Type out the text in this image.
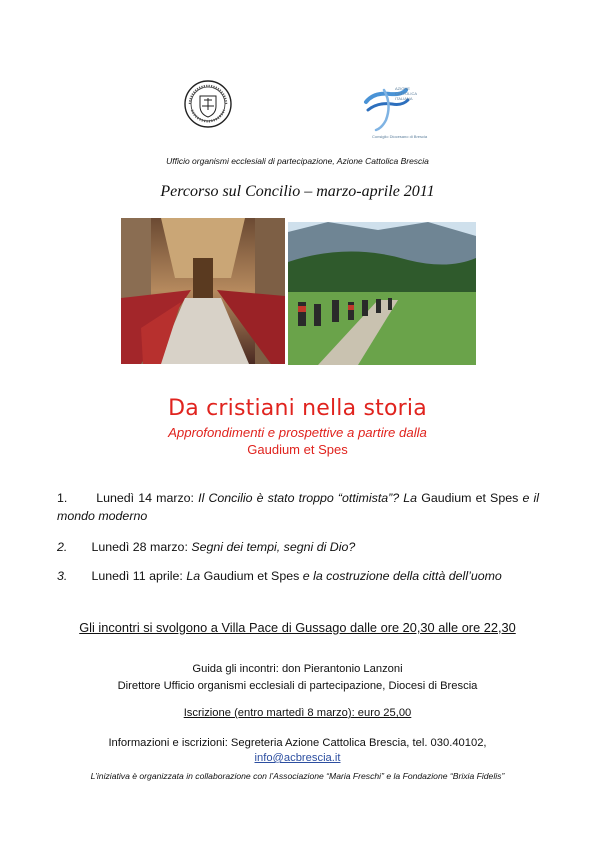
AZIONE
CATTOLICA
ITALIANA
Consiglio Diocesano di Brescia
Ufficio organismi ecclesiali di partecipazione, Azione Cattolica Brescia
Percorso sul Concilio – marzo-aprile 2011
Da cristiani nella storia
Approfondimenti e prospettive a partire dalla
Gaudium et Spes
1. Lunedì 14 marzo: Il Concilio è stato troppo “ottimista”? La Gaudium et Spes e il mondo moderno
2. Lunedì 28 marzo: Segni dei tempi, segni di Dio?
3. Lunedì 11 aprile: La Gaudium et Spes e la costruzione della città dell’uomo
Gli incontri si svolgono a Villa Pace di Gussago dalle ore 20,30 alle ore 22,30
Guida gli incontri: don Pierantonio Lanzoni
Direttore Ufficio organismi ecclesiali di partecipazione, Diocesi di Brescia
Iscrizione (entro martedì 8 marzo): euro 25,00
Informazioni e iscrizioni: Segreteria Azione Cattolica Brescia, tel. 030.40102,
info@acbrescia.it
L’iniziativa è organizzata in collaborazione con l’Associazione “Maria Freschi” e la Fondazione “Brixia Fidelis”
